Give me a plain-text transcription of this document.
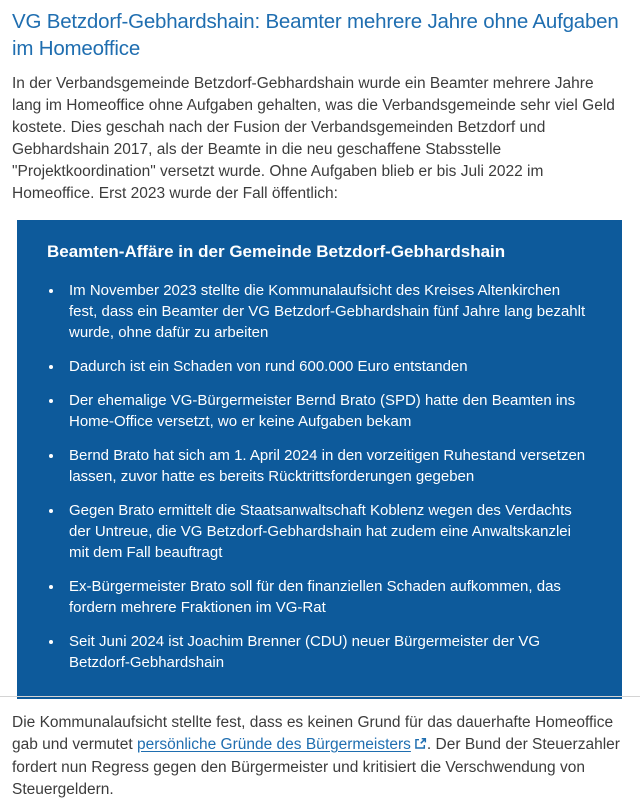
VG Betzdorf-Gebhardshain: Beamter mehrere Jahre ohne Aufgaben im Homeoffice

In der Verbandsgemeinde Betzdorf-Gebhardshain wurde ein Beamter mehrere Jahre lang im Homeoffice ohne Aufgaben gehalten, was die Verbandsgemeinde sehr viel Geld kostete. Dies geschah nach der Fusion der Verbandsgemeinden Betzdorf und Gebhardshain 2017, als der Beamte in die neu geschaffene Stabsstelle "Projektkoordination" versetzt wurde. Ohne Aufgaben blieb er bis Juli 2022 im Homeoffice. Erst 2023 wurde der Fall öffentlich:

Beamten-Affäre in der Gemeinde Betzdorf-Gebhardshain
• Im November 2023 stellte die Kommunalaufsicht des Kreises Altenkirchen fest, dass ein Beamter der VG Betzdorf-Gebhardshain fünf Jahre lang bezahlt wurde, ohne dafür zu arbeiten
• Dadurch ist ein Schaden von rund 600.000 Euro entstanden
• Der ehemalige VG-Bürgermeister Bernd Brato (SPD) hatte den Beamten ins Home-Office versetzt, wo er keine Aufgaben bekam
• Bernd Brato hat sich am 1. April 2024 in den vorzeitigen Ruhestand versetzen lassen, zuvor hatte es bereits Rücktrittsforderungen gegeben
• Gegen Brato ermittelt die Staatsanwaltschaft Koblenz wegen des Verdachts der Untreue, die VG Betzdorf-Gebhardshain hat zudem eine Anwaltskanzlei mit dem Fall beauftragt
• Ex-Bürgermeister Brato soll für den finanziellen Schaden aufkommen, das fordern mehrere Fraktionen im VG-Rat
• Seit Juni 2024 ist Joachim Brenner (CDU) neuer Bürgermeister der VG Betzdorf-Gebhardshain

Die Kommunalaufsicht stellte fest, dass es keinen Grund für das dauerhafte Homeoffice gab und vermutet persönliche Gründe des Bürgermeisters . Der Bund der Steuerzahler fordert nun Regress gegen den Bürgermeister und kritisiert die Verschwendung von Steuergeldern.
